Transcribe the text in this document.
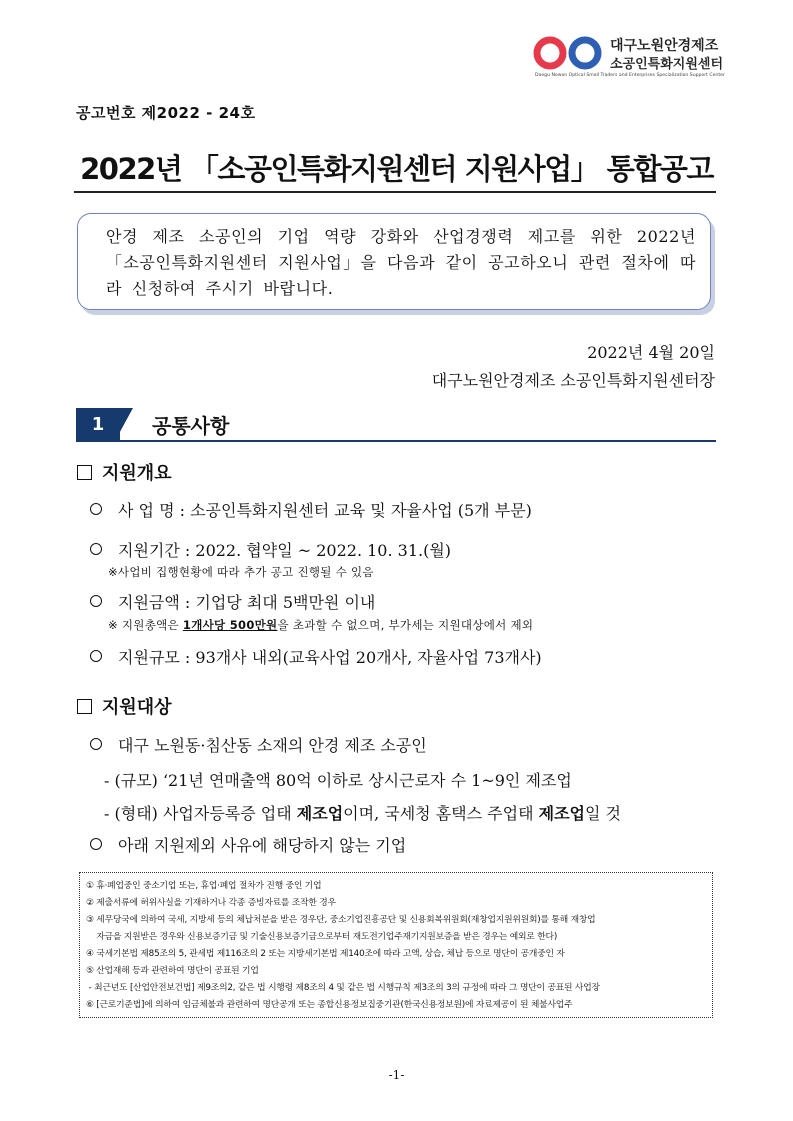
대구노원안경제조
소공인특화지원센터
Daegu Nowon Optical Small Traders and Enterprises Specialization Support Center
공고번호 제2022 - 24호
2022년 「소공인특화지원센터 지원사업」 통합공고
안경 제조 소공인의 기업 역량 강화와 산업경쟁력 제고를 위한 2022년 「소공인특화지원센터 지원사업」을 다음과 같이 공고하오니 관련 절차에 따라 신청하여 주시기 바랍니다.
2022년 4월 20일
대구노원안경제조 소공인특화지원센터장
1	공통사항
지원개요
사 업 명 : 소공인특화지원센터 교육 및 자율사업 (5개 부문)
지원기간 : 2022. 협약일 ~ 2022. 10. 31.(월)
※사업비 집행현황에 따라 추가 공고 진행될 수 있음
지원금액 : 기업당 최대 5백만원 이내
※ 지원총액은 1개사당 500만원을 초과할 수 없으며, 부가세는 지원대상에서 제외
지원규모 : 93개사 내외(교육사업 20개사, 자율사업 73개사)
지원대상
대구 노원동·침산동 소재의 안경 제조 소공인
- (규모) ‘21년 연매출액 80억 이하로 상시근로자 수 1~9인 제조업
- (형태) 사업자등록증 업태 제조업이며, 국세청 홈택스 주업태 제조업일 것
아래 지원제외 사유에 해당하지 않는 기업
① 휴·폐업중인 중소기업 또는, 휴업·폐업 절차가 진행 중인 기업
② 제출서류에 허위사실을 기재하거나 각종 증빙자료를 조작한 경우
③ 세무당국에 의하여 국세, 지방세 등의 체납처분을 받은 경우단, 중소기업진흥공단 및 신용회복위원회(재창업지원위원회)를 통해 재창업
자금을 지원받은 경우와 신용보증기금 및 기술신용보증기금으로부터 재도전기업주재기지원보증을 받은 경우는 예외로 한다)
④ 국세기본법 제85조의 5, 관세법 제116조의 2 또는 지방세기본법 제140조에 따라 고액, 상습, 체납 등으로 명단이 공개중인 자
⑤ 산업재해 등과 관련하여 명단이 공표된 기업
- 최근년도 [산업안전보건법] 제9조의2, 같은 법 시행령 제8조의 4 및 같은 법 시행규칙 제3조의 3의 규정에 따라 그 명단이 공표된 사업장
⑥ [근로기준법]에 의하여 임금체불과 관련하여 명단공개 또는 종합신용정보집중기관(한국신용정보원)에 자료제공이 된 체불사업주
-1-
